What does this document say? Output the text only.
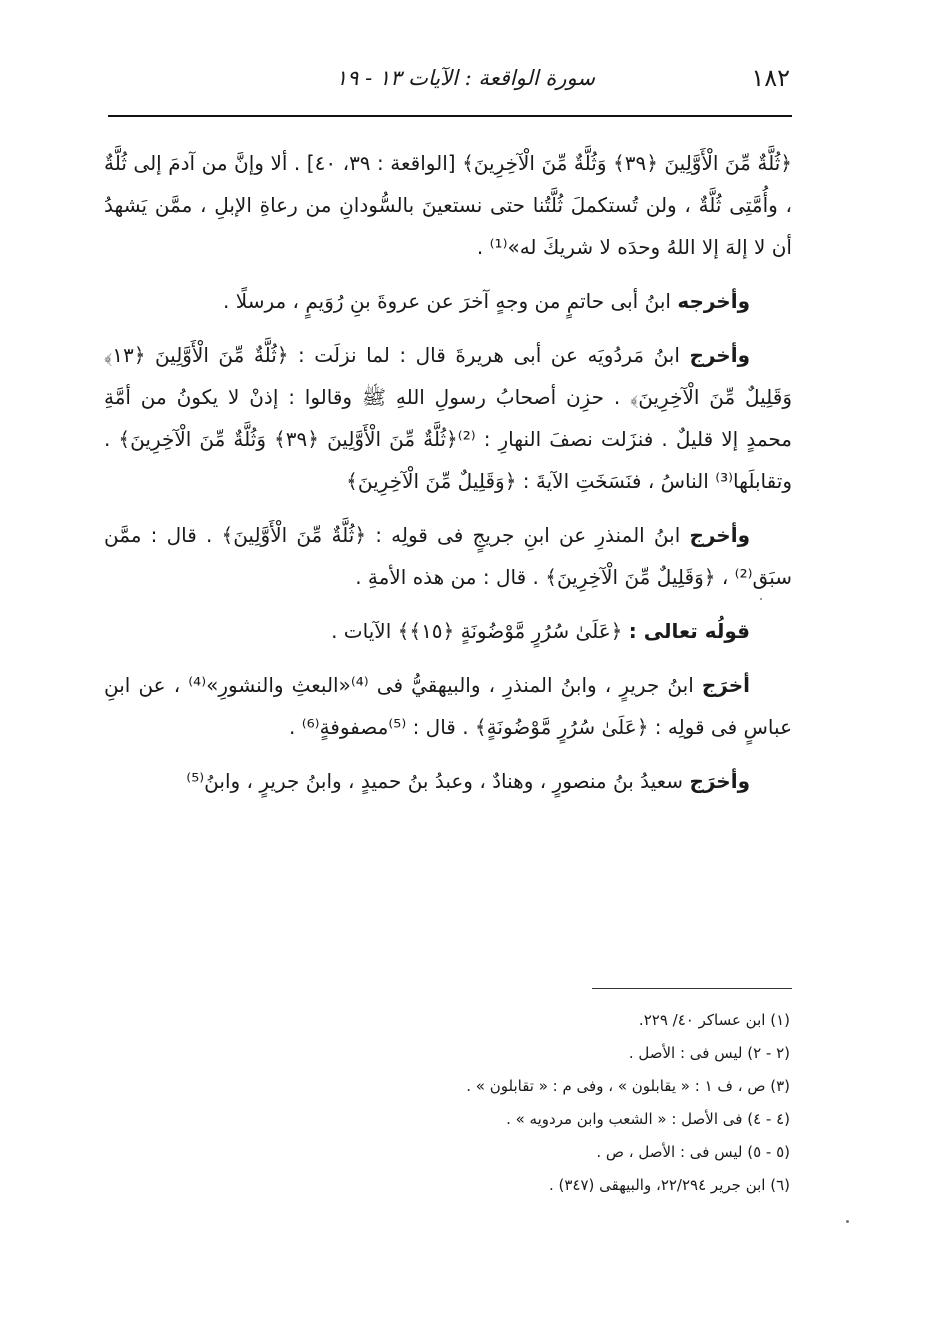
١٨٢
سورة الواقعة : الآيات ١٣ - ١٩

﴿ثُلَّةٌ مِّنَ الْأَوَّلِينَ ﴿٣٩﴾ وَثُلَّةٌ مِّنَ الْآخِرِينَ﴾ [الواقعة : ٣٩، ٤٠] . ألا وإنَّ من آدمَ إلى ثُلَّةٌ ، وأُمَّتِى ثُلَّةٌ ، ولن تُستكملَ ثُلَّتُنا حتى نستعينَ بالسُّودانِ من رعاةِ الإبلِ ، ممَّن يَشهدُ أن لا إلهَ إلا اللهُ وحدَه لا شريكَ له»⁽¹⁾ .

وأخرجه ابنُ أبى حاتمٍ من وجهٍ آخرَ عن عروةَ بنِ رُوَيمٍ ، مرسلًا .

وأخرج ابنُ مَردُويَه عن أبى هريرةَ قال : لما نزلَت : ﴿ثُلَّةٌ مِّنَ الْأَوَّلِينَ ﴿١٣﴾ وَقَلِيلٌ مِّنَ الْآخِرِينَ﴾ . حزِن أصحابُ رسولِ اللهِ ﷺ وقالوا : إذنْ لا يكونُ من أمَّةِ محمدٍ إلا قليلٌ . فنزَلت نصفَ النهارِ : ⁽²⁾﴿ثُلَّةٌ مِّنَ الْأَوَّلِينَ ﴿٣٩﴾ وَثُلَّةٌ مِّنَ الْآخِرِينَ﴾ . وتقابلَها⁽³⁾ الناسُ ، فنَسَخَتِ الآيةَ : ﴿وَقَلِيلٌ مِّنَ الْآخِرِينَ﴾

وأخرج ابنُ المنذرِ عن ابنِ جريجٍ فى قولِه : ﴿ثُلَّةٌ مِّنَ الْأَوَّلِينَ﴾ . قال : ممَّن سبَق⁽²⁾ ، ﴿وَقَلِيلٌ مِّنَ الْآخِرِينَ﴾ . قال : من هذه الأمةِ .

قولُه تعالى : ﴿عَلَىٰ سُرُرٍ مَّوْضُونَةٍ ﴿١٥﴾﴾ الآيات .

أخرَج ابنُ جريرٍ ، وابنُ المنذرِ ، والبيهقيُّ فى ⁽⁴⁾«البعثِ والنشورِ»⁽⁴⁾ ، عن ابنِ عباسٍ فى قولِه : ﴿عَلَىٰ سُرُرٍ مَّوْضُونَةٍ﴾ . قال : ⁽⁵⁾مصفوفةٍ⁽⁶⁾ .

وأخرَج سعيدُ بنُ منصورٍ ، وهنادٌ ، وعبدُ بنُ حميدٍ ، وابنُ جريرٍ ، وابنُ⁽⁵⁾

(١) ابن عساكر ٤٠/ ٢٢٩.
(٢ - ٢) ليس فى : الأصل .
(٣) ص ، ف ١ : « يقابلون » ، وفى م : « تقابلون » .
(٤ - ٤) فى الأصل : « الشعب وابن مردويه » .
(٥ - ٥) ليس فى : الأصل ، ص .
(٦) ابن جرير ٢٢/٢٩٤، والبيهقى (٣٤٧) .
